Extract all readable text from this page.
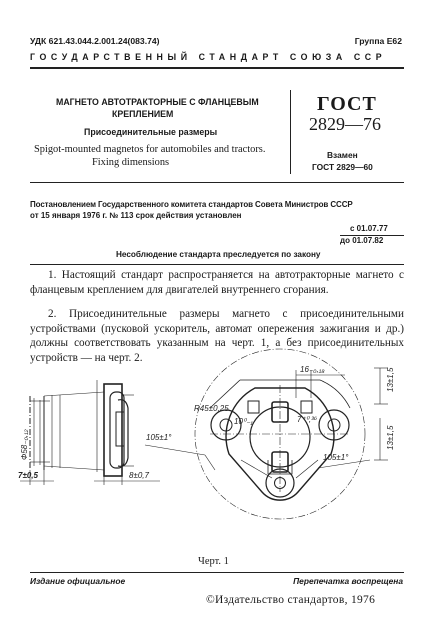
УДК 621.43.044.2.001.24(083.74)	Группа Е62
ГОСУДАРСТВЕННЫЙ СТАНДАРТ СОЮЗА ССР
МАГНЕТО АВТОТРАКТОРНЫЕ С ФЛАНЦЕВЫМ
КРЕПЛЕНИЕМ
Присоединительные размеры
Spigot-mounted magnetos for automobiles and tractors.
Fixing dimensions
ГОСТ
2829—76
Взамен
ГОСТ 2829—60
Постановлением Государственного комитета стандартов Совета Министров СССР
от 15 января 1976 г. № 113 срок действия установлен
с 01.07.77
до 01.07.82
Несоблюдение стандарта преследуется по закону

1. Настоящий стандарт распространяется на автотракторные магнето с фланцевым креплением для двигателей внутреннего сгорания.

2. Присоединительные размеры магнето с присоединительными устройствами (пусковой ускоритель, автомат опережения зажигания и др.) должны соответствовать указанным на черт. 1, а без присоединительных устройств — на черт. 2.

16₋₀,₁₈	13±1,5
13±1,5
Ф58₋₀,₁₂
R45±0,25
10⁰₋₁	7⁺⁰,³⁶
105±1°
105±1°
7±0,5	8±0,7
Черт. 1
Издание официальное	Перепечатка воспрещена
©Издательство стандартов, 1976
